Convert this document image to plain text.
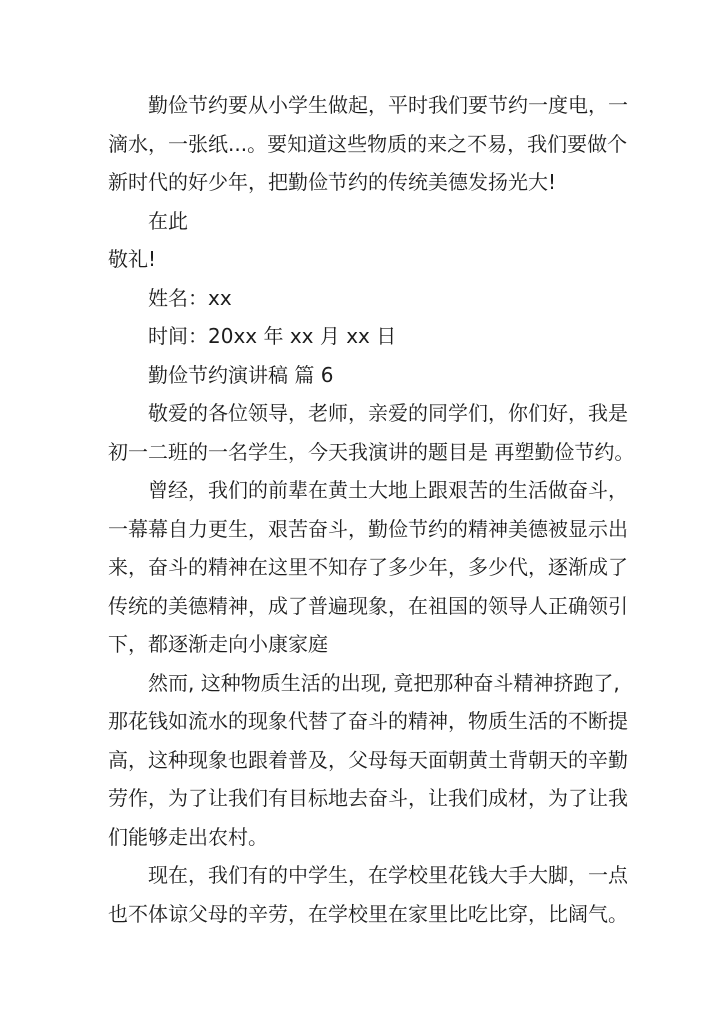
勤俭节约要从小学生做起，平时我们要节约一度电，一
滴水，一张纸...。要知道这些物质的来之不易，我们要做个
新时代的好少年，把勤俭节约的传统美德发扬光大!
在此
敬礼!
姓名：xx
时间：20xx 年 xx 月 xx 日
勤俭节约演讲稿 篇 6
敬爱的各位领导，老师，亲爱的同学们，你们好，我是
初一二班的一名学生，今天我演讲的题目是 再塑勤俭节约。
曾经，我们的前辈在黄土大地上跟艰苦的生活做奋斗，
一幕幕自力更生，艰苦奋斗，勤俭节约的精神美德被显示出
来，奋斗的精神在这里不知存了多少年，多少代，逐渐成了
传统的美德精神，成了普遍现象，在祖国的领导人正确领引
下，都逐渐走向小康家庭
然而, 这种物质生活的出现, 竟把那种奋斗精神挤跑了,
那花钱如流水的现象代替了奋斗的精神，物质生活的不断提
高，这种现象也跟着普及，父母每天面朝黄土背朝天的辛勤
劳作，为了让我们有目标地去奋斗，让我们成材，为了让我
们能够走出农村。
现在，我们有的中学生，在学校里花钱大手大脚，一点
也不体谅父母的辛劳，在学校里在家里比吃比穿，比阔气。
